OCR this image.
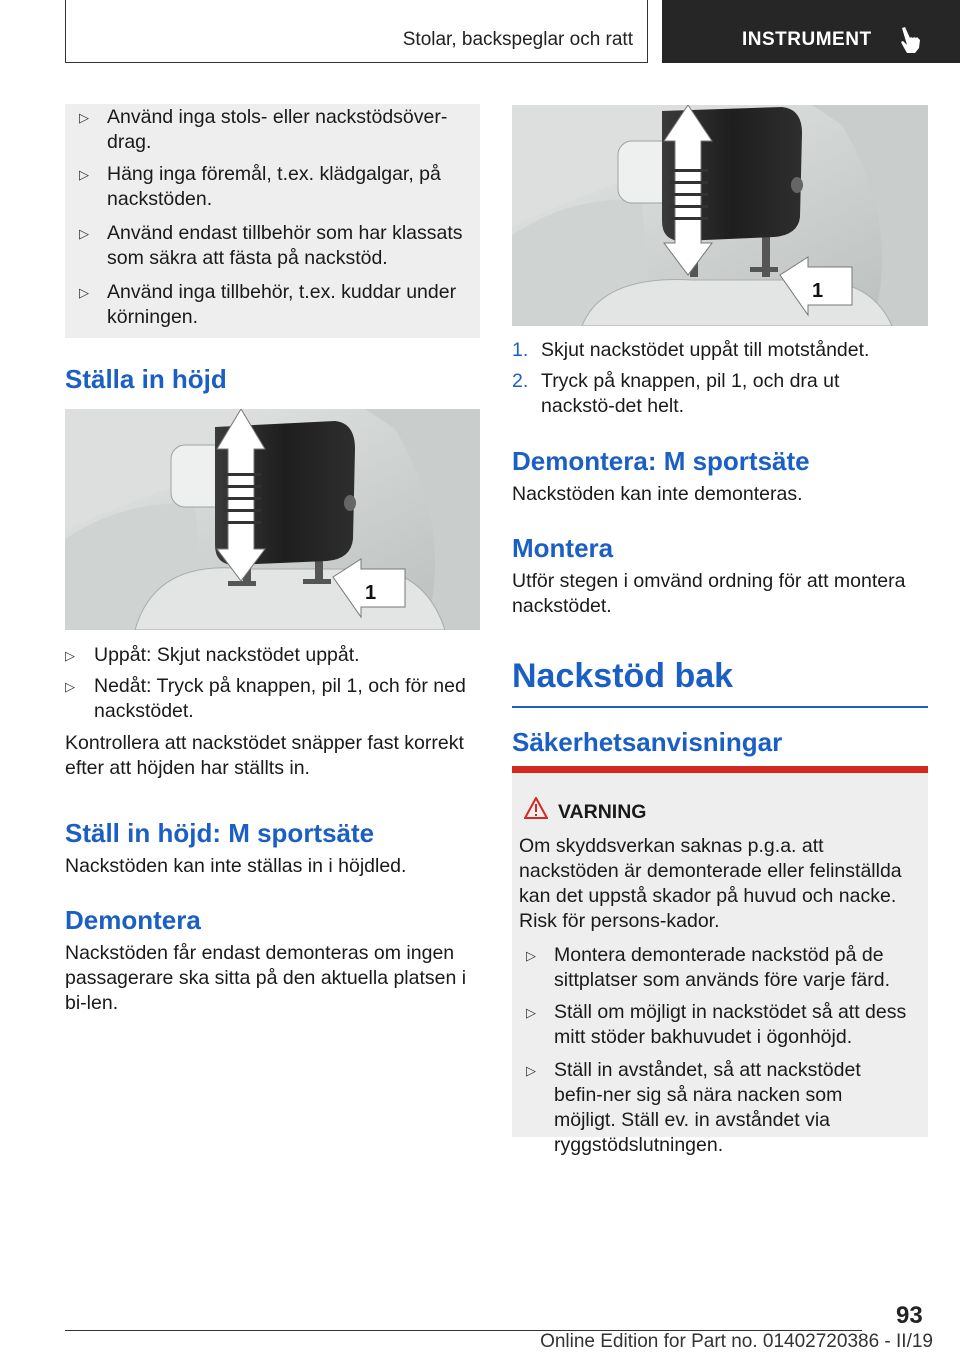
Stolar, backspeglar och ratt	INSTRUMENT
▷ Använd inga stols- eller nackstödsöver-drag.
▷ Häng inga föremål, t.ex. klädgalgar, på nackstöden.
▷ Använd endast tillbehör som har klassats som säkra att fästa på nackstöd.
▷ Använd inga tillbehör, t.ex. kuddar under körningen.
Ställa in höjd
1
▷ Uppåt: Skjut nackstödet uppåt.
▷ Nedåt: Tryck på knappen, pil 1, och för ned nackstödet.

Kontrollera att nackstödet snäpper fast korrekt efter att höjden har ställts in.

Ställ in höjd: M sportsäte

Nackstöden kan inte ställas in i höjdled.

Demontera

Nackstöden får endast demonteras om ingen passagerare ska sitta på den aktuella platsen i bi-len.

1
1. Skjut nackstödet uppåt till motståndet.
2. Tryck på knappen, pil 1, och dra ut nackstö-det helt.
Demontera: M sportsäte

Nackstöden kan inte demonteras.

Montera

Utför stegen i omvänd ordning för att montera nackstödet.

Nackstöd bak
Säkerhetsanvisningar
VARNING

Om skyddsverkan saknas p.g.a. att nackstöden är demonterade eller felinställda kan det uppstå skador på huvud och nacke. Risk för persons-kador.

▷ Montera demonterade nackstöd på de sittplatser som används före varje färd.
▷ Ställ om möjligt in nackstödet så att dess mitt stöder bakhuvudet i ögonhöjd.
▷ Ställ in avståndet, så att nackstödet befin-ner sig så nära nacken som möjligt. Ställ ev. in avståndet via ryggstödslutningen.
93
Online Edition for Part no. 01402720386 - II/19
